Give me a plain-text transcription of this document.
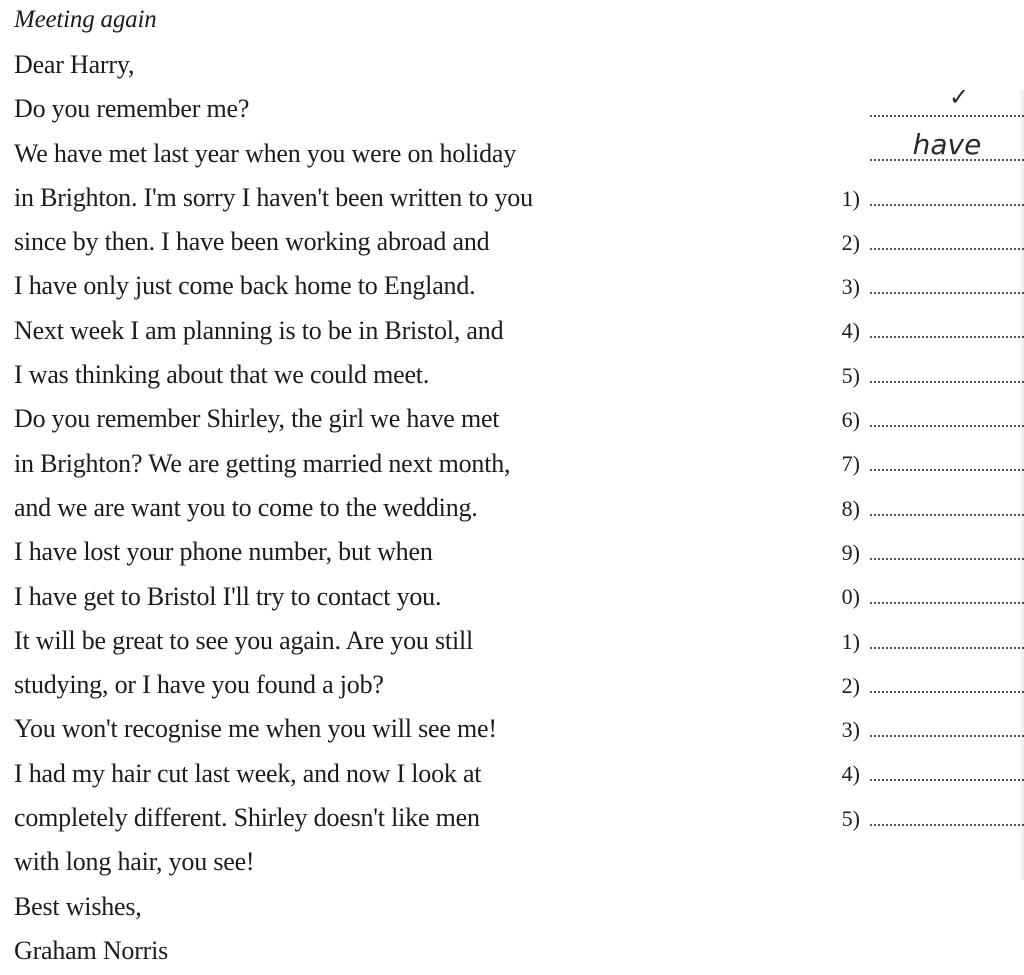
Meeting again
Dear Harry,
Do you remember me?
We have met last year when you were on holiday
in Brighton. I'm sorry I haven't been written to you
since by then. I have been working abroad and
I have only just come back home to England.
Next week I am planning is to be in Bristol, and
I was thinking about that we could meet.
Do you remember Shirley, the girl we have met
in Brighton? We are getting married next month,
and we are want you to come to the wedding.
I have lost your phone number, but when
I have get to Bristol I'll try to contact you.
It will be great to see you again. Are you still
studying, or I have you found a job?
You won't recognise me when you will see me!
I had my hair cut last week, and now I look at
completely different. Shirley doesn't like men
with long hair, you see!
Best wishes,
Graham Norris
✓
have
1)
2)
3)
4)
5)
6)
7)
8)
9)
0)
1)
2)
3)
4)
5)
